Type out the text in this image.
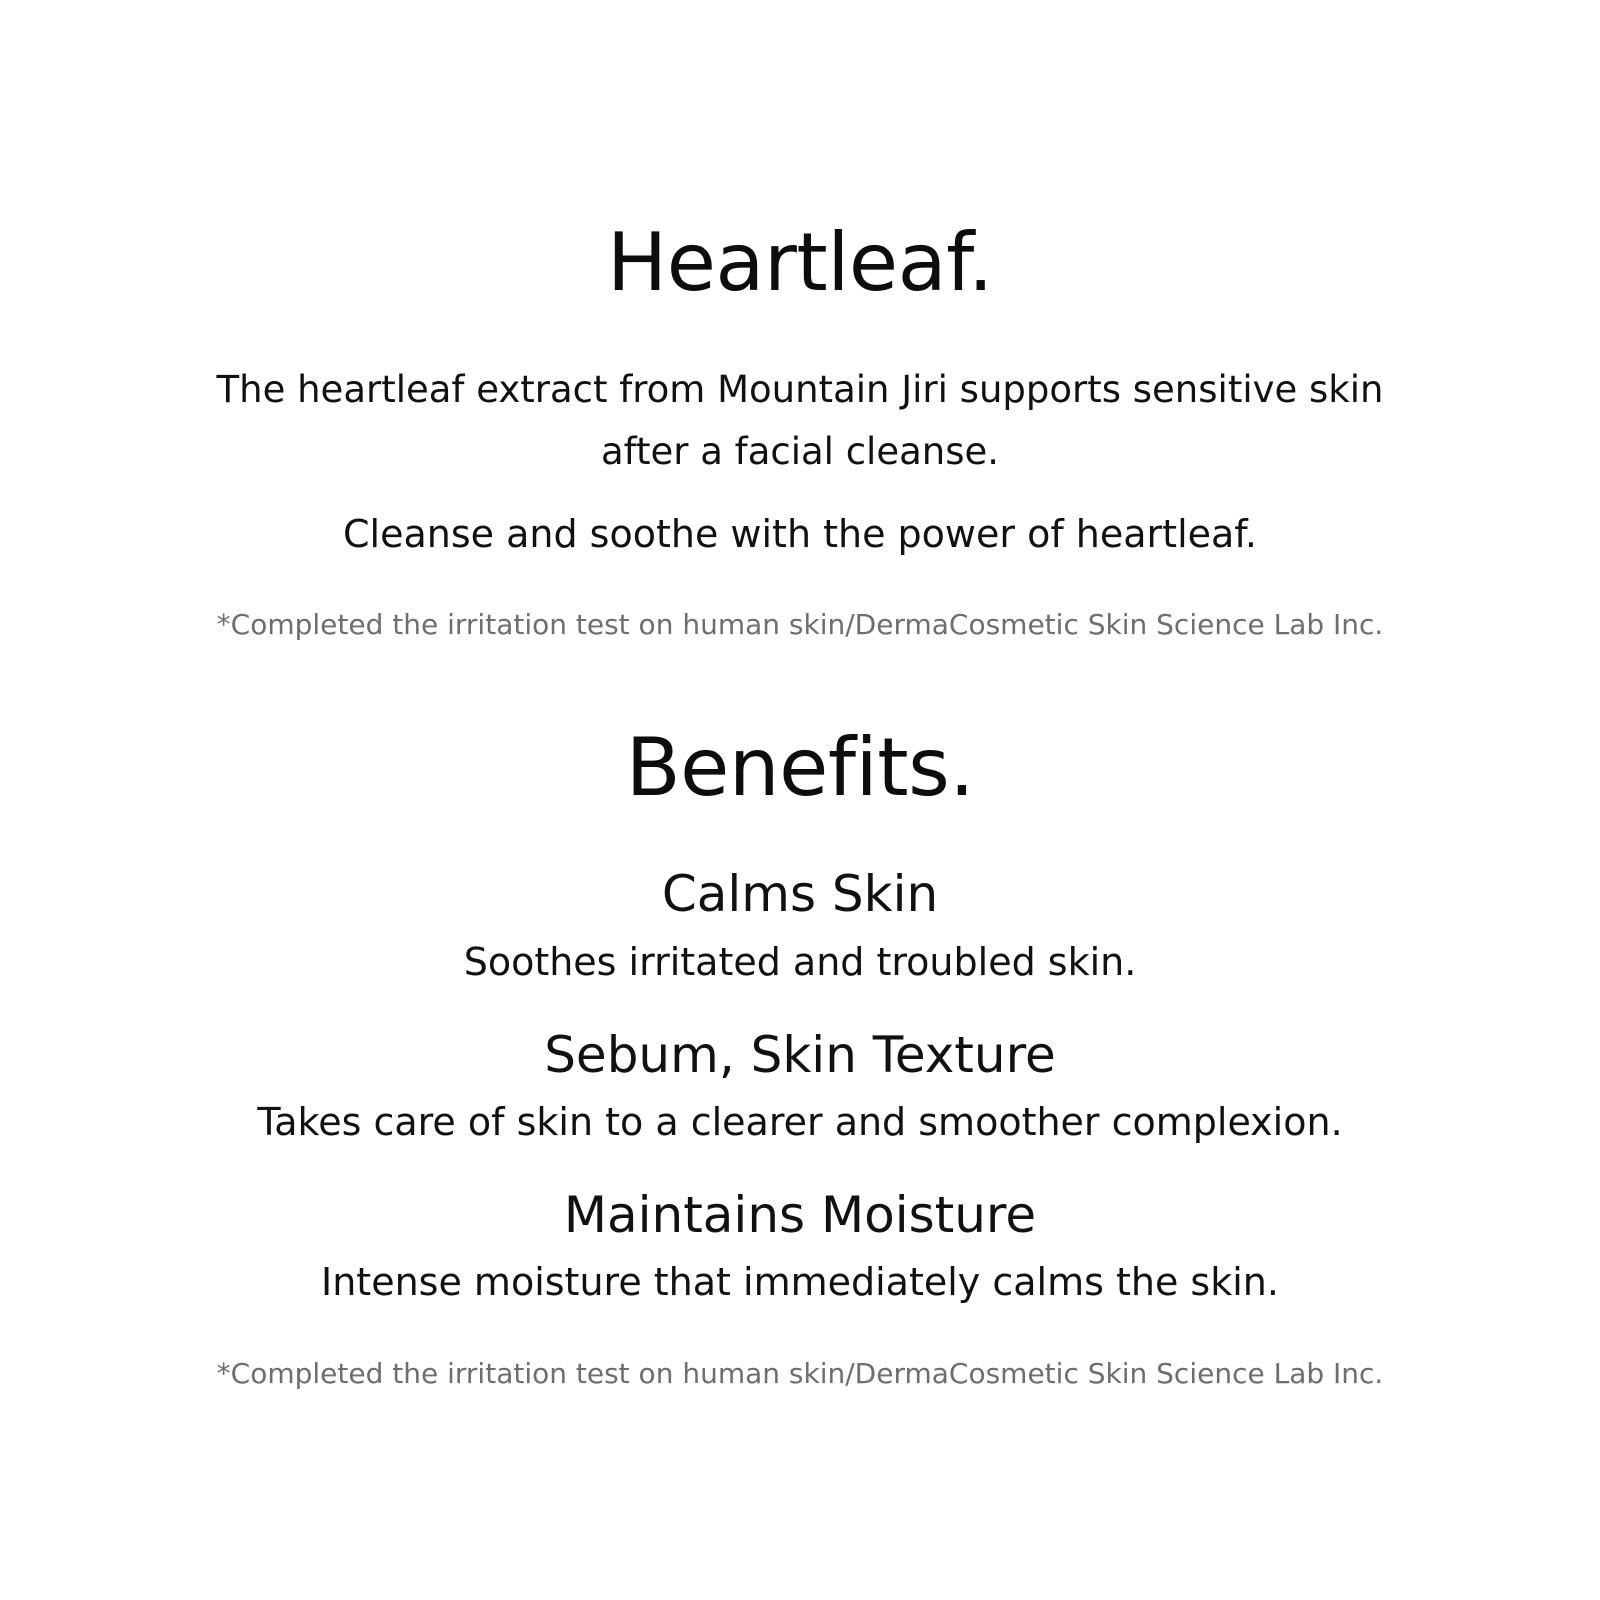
Heartleaf.
The heartleaf extract from Mountain Jiri supports sensitive skin
after a facial cleanse.
Cleanse and soothe with the power of heartleaf.
*Completed the irritation test on human skin/DermaCosmetic Skin Science Lab Inc.
Benefits.
Calms Skin
Soothes irritated and troubled skin.
Sebum, Skin Texture
Takes care of skin to a clearer and smoother complexion.
Maintains Moisture
Intense moisture that immediately calms the skin.
*Completed the irritation test on human skin/DermaCosmetic Skin Science Lab Inc.
